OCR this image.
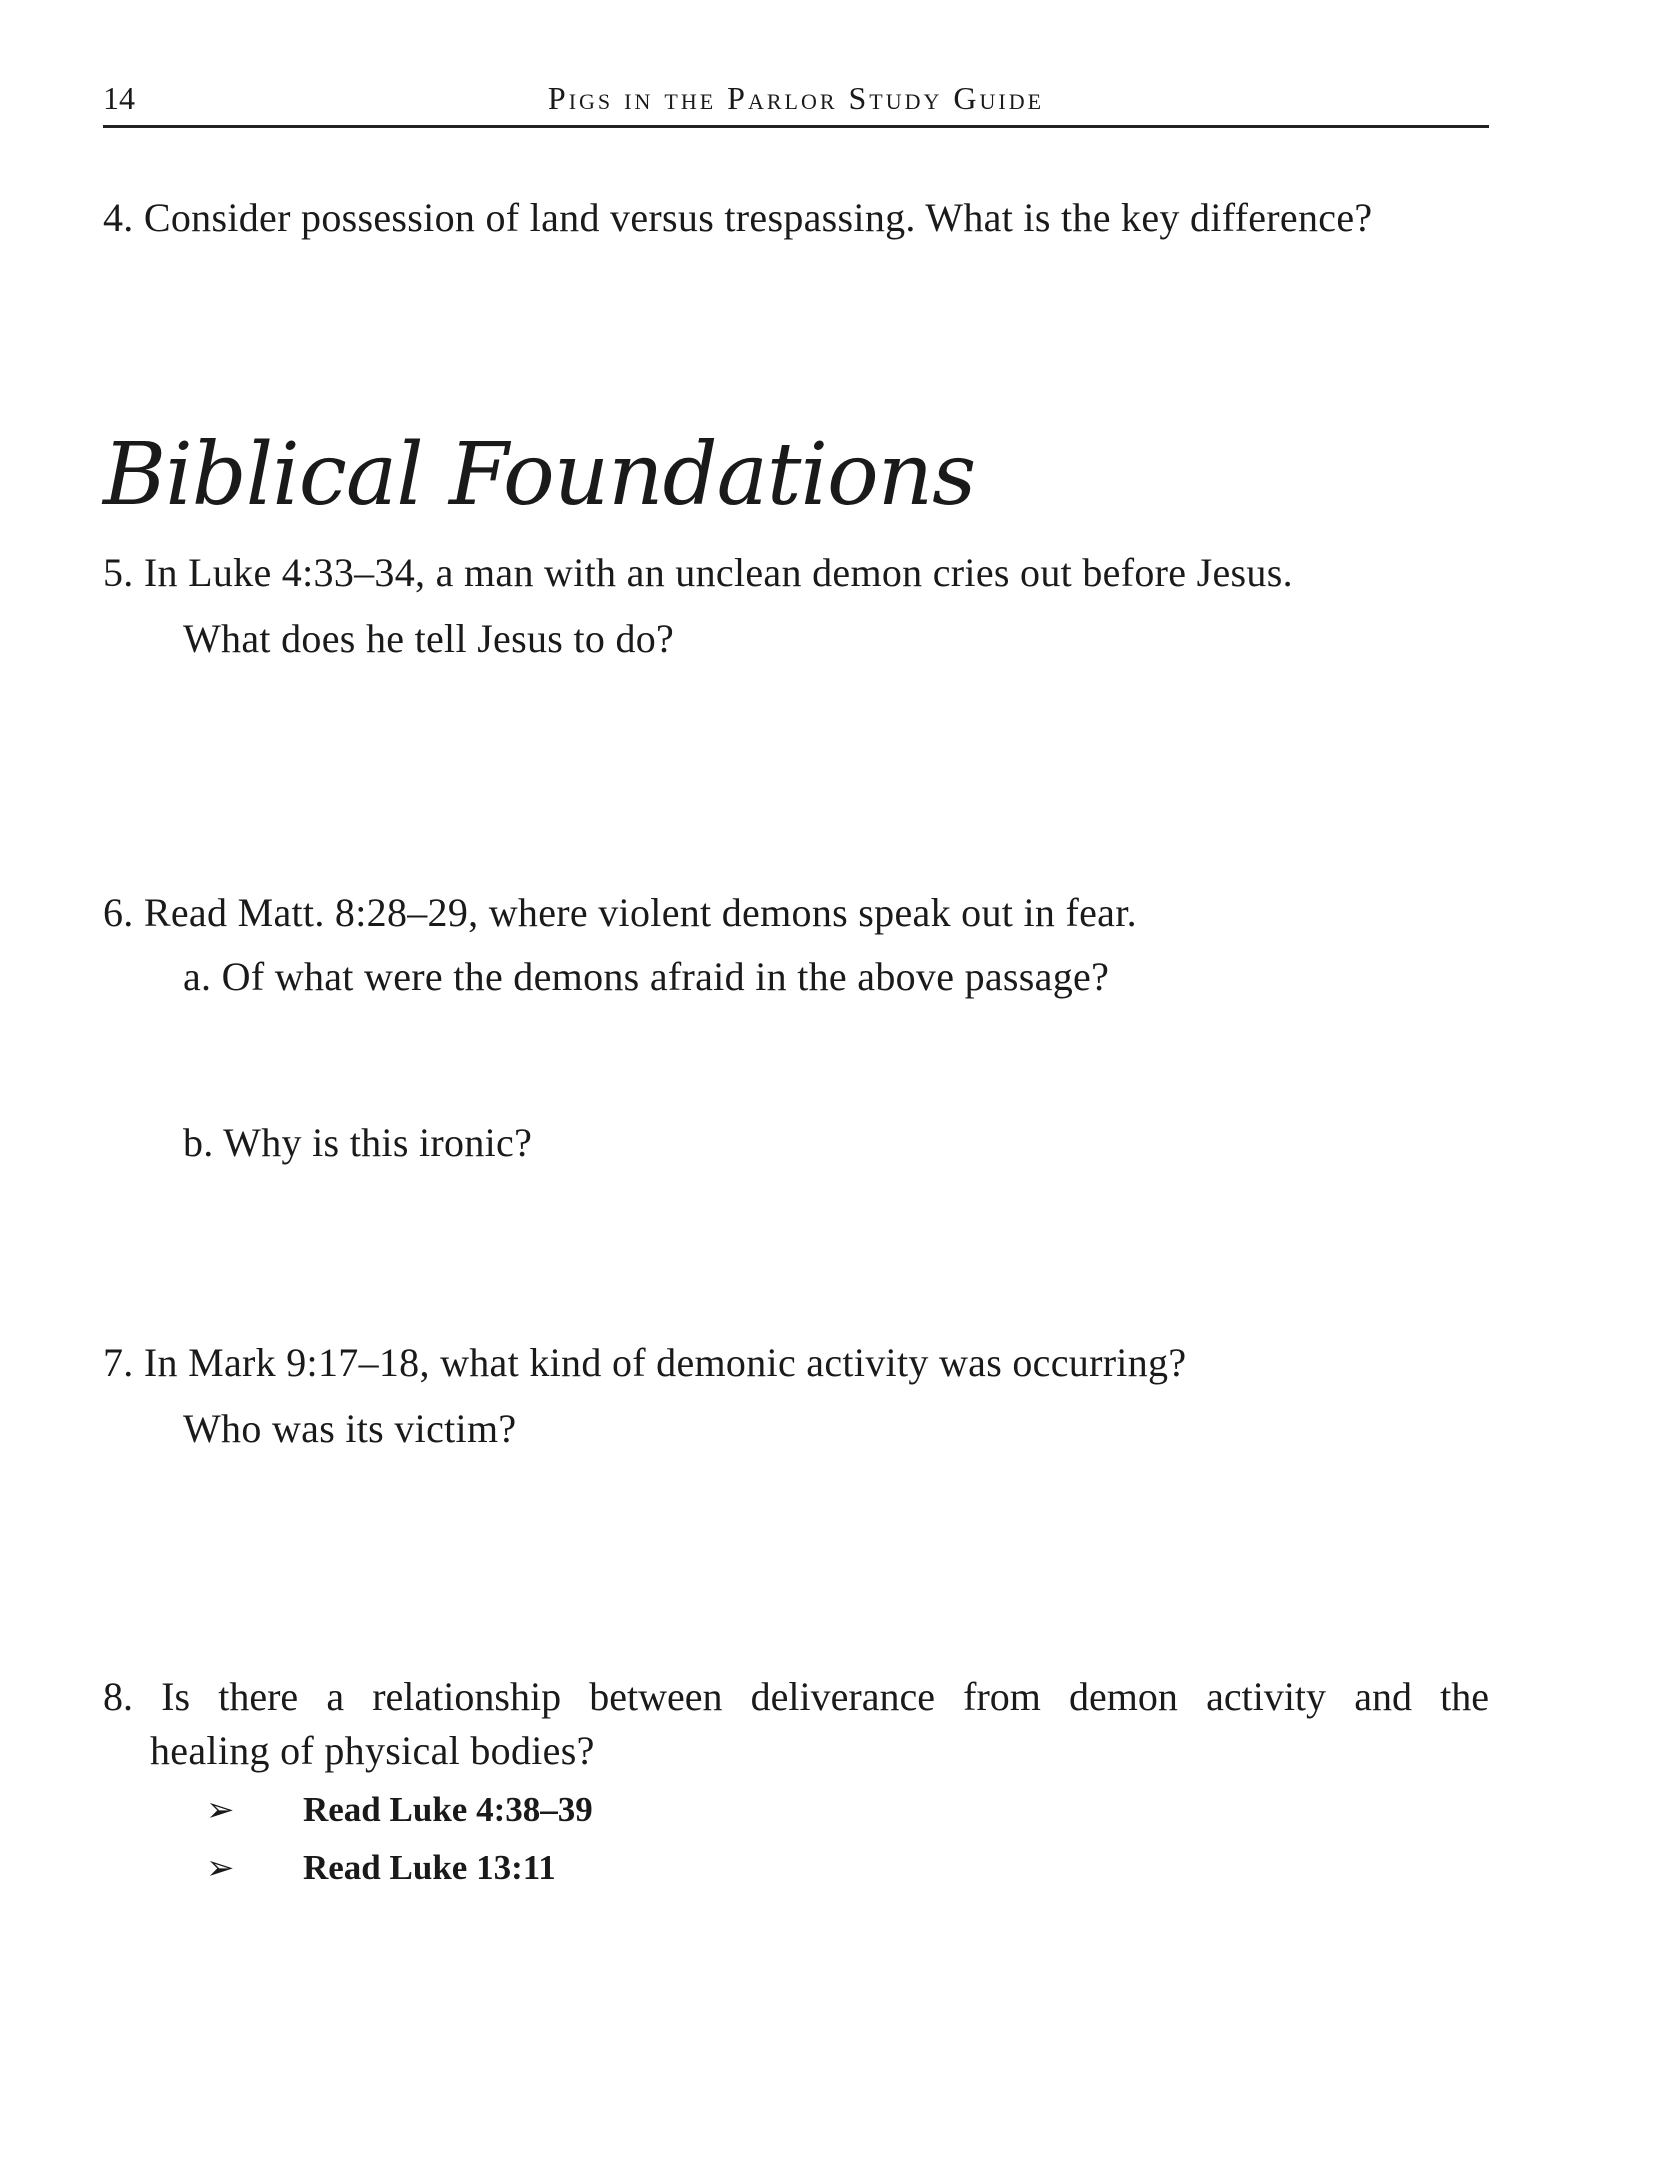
14	Pigs in the Parlor Study Guide
4. Consider possession of land versus trespassing. What is the key difference?
Biblical Foundations
5. In Luke 4:33–34, a man with an unclean demon cries out before Jesus.
What does he tell Jesus to do?
6. Read Matt. 8:28–29, where violent demons speak out in fear.
a. Of what were the demons afraid in the above passage?
b. Why is this ironic?
7. In Mark 9:17–18, what kind of demonic activity was occurring?
Who was its victim?
8. Is there a relationship between deliverance from demon activity and the
healing of physical bodies?
➢ Read Luke 4:38–39
➢ Read Luke 13:11
